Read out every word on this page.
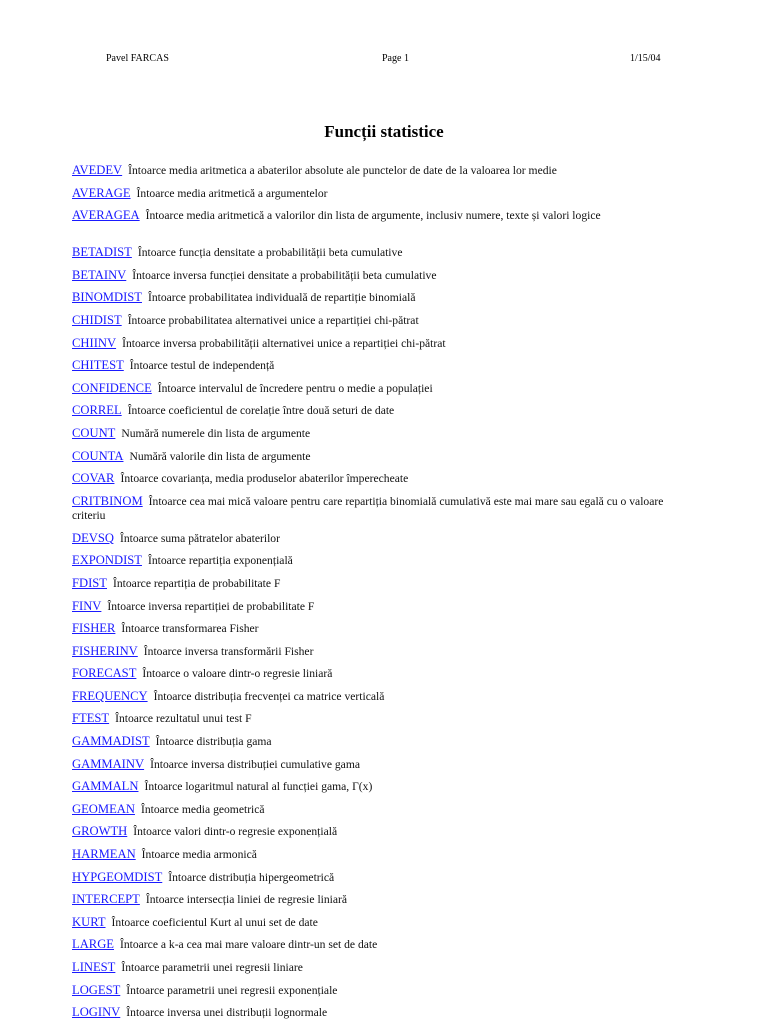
Pavel FARCAS	Page 1	1/15/04
Funcții statistice
AVEDEV Întoarce media aritmetica a abaterilor absolute ale punctelor de date de la valoarea lor medie
AVERAGE Întoarce media aritmetică a argumentelor
AVERAGEA Întoarce media aritmetică a valorilor din lista de argumente, inclusiv numere, texte și valori logice
BETADIST Întoarce funcția densitate a probabilității beta cumulative
BETAINV Întoarce inversa funcției densitate a probabilității beta cumulative
BINOMDIST Întoarce probabilitatea individuală de repartiție binomială
CHIDIST Întoarce probabilitatea alternativei unice a repartiției chi-pătrat
CHIINV Întoarce inversa probabilității alternativei unice a repartiției chi-pătrat
CHITEST Întoarce testul de independență
CONFIDENCE Întoarce intervalul de încredere pentru o medie a populației
CORREL Întoarce coeficientul de corelație între două seturi de date
COUNT Numără numerele din lista de argumente
COUNTA Numără valorile din lista de argumente
COVAR Întoarce covarianța, media produselor abaterilor împerecheate
CRITBINOM Întoarce cea mai mică valoare pentru care repartiția binomială cumulativă este mai mare sau egală cu o valoare criteriu
DEVSQ Întoarce suma pătratelor abaterilor
EXPONDIST Întoarce repartiția exponențială
FDIST Întoarce repartiția de probabilitate F
FINV Întoarce inversa repartiției de probabilitate F
FISHER Întoarce transformarea Fisher
FISHERINV Întoarce inversa transformării Fisher
FORECAST Întoarce o valoare dintr-o regresie liniară
FREQUENCY Întoarce distribuția frecvenței ca matrice verticală
FTEST Întoarce rezultatul unui test F
GAMMADIST Întoarce distribuția gama
GAMMAINV Întoarce inversa distribuției cumulative gama
GAMMALN Întoarce logaritmul natural al funcției gama, Γ(x)
GEOMEAN Întoarce media geometrică
GROWTH Întoarce valori dintr-o regresie exponențială
HARMEAN Întoarce media armonică
HYPGEOMDIST Întoarce distribuția hipergeometrică
INTERCEPT Întoarce intersecția liniei de regresie liniară
KURT Întoarce coeficientul Kurt al unui set de date
LARGE Întoarce a k-a cea mai mare valoare dintr-un set de date
LINEST Întoarce parametrii unei regresii liniare
LOGEST Întoarce parametrii unei regresii exponențiale
LOGINV Întoarce inversa unei distribuții lognormale
